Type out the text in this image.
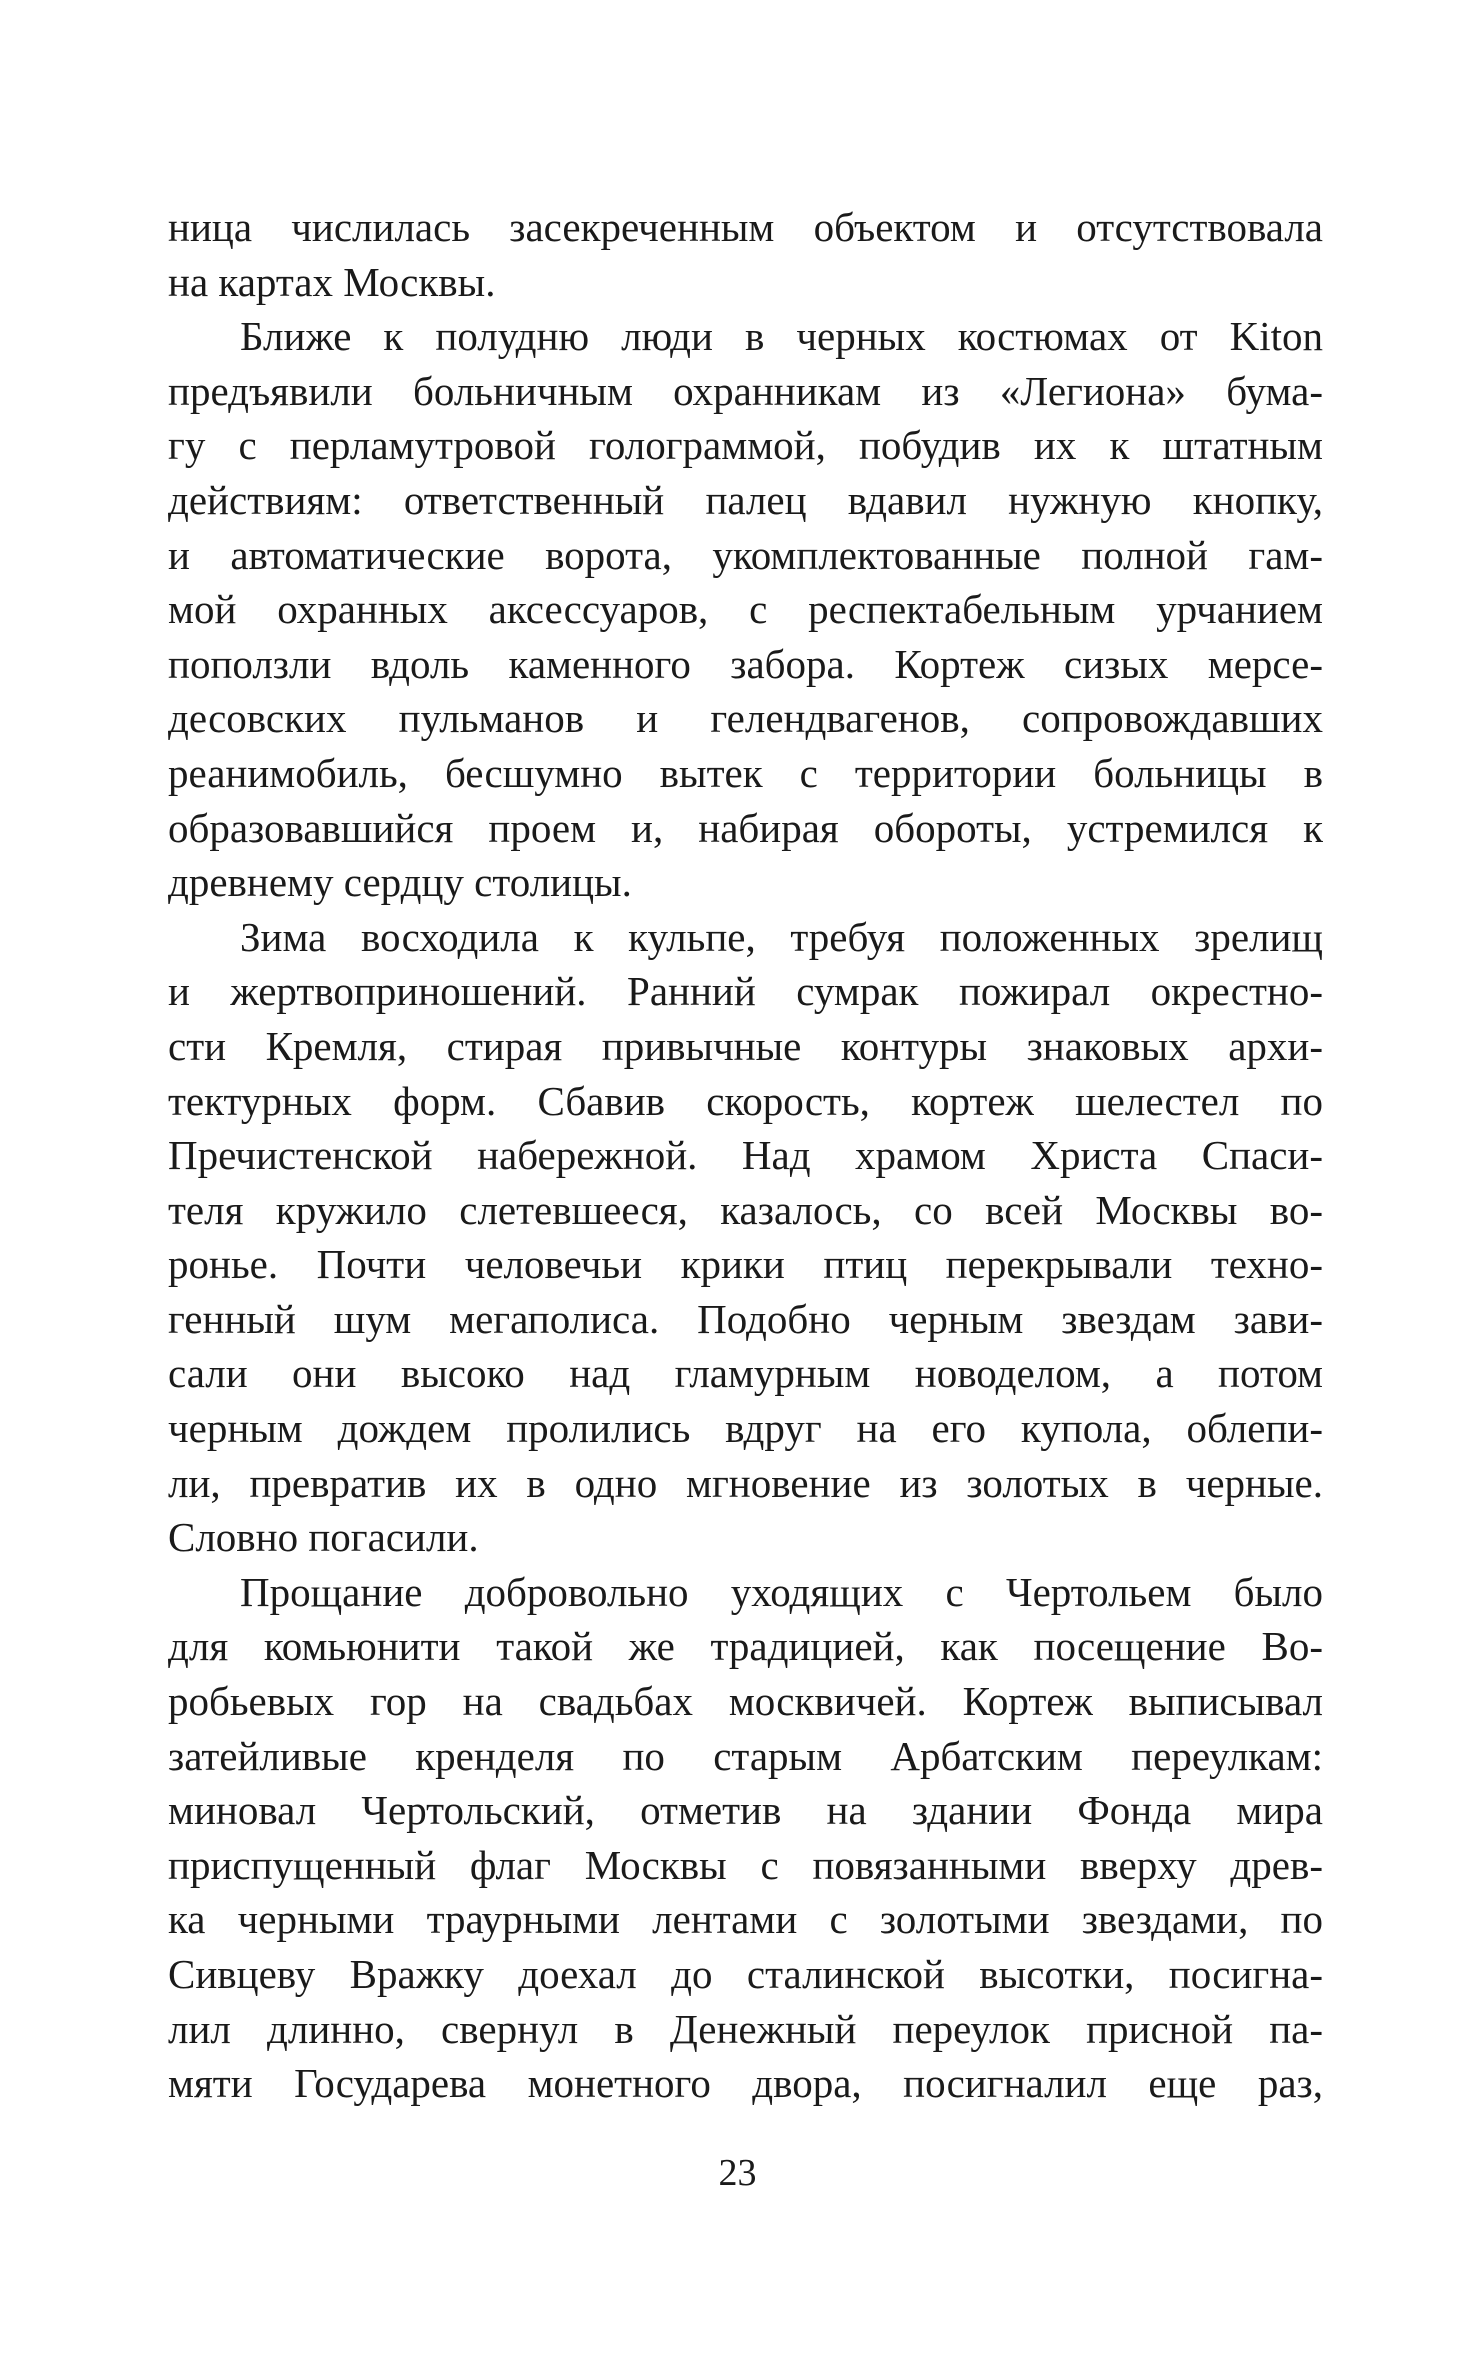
ница числилась засекреченным объектом и отсутствовала
на картах Москвы.
Ближе к полудню люди в черных костюмах от Kiton
предъявили больничным охранникам из «Легиона» бума-
гу с перламутровой голограммой, побудив их к штатным
действиям: ответственный палец вдавил нужную кнопку,
и автоматические ворота, укомплектованные полной гам-
мой охранных аксессуаров, с респектабельным урчанием
поползли вдоль каменного забора. Кортеж сизых мерсе-
десовских пульманов и гелендвагенов, сопровождавших
реанимобиль, бесшумно вытек с территории больницы в
образовавшийся проем и, набирая обороты, устремился к
древнему сердцу столицы.
Зима восходила к кульпе, требуя положенных зрелищ
и жертвоприношений. Ранний сумрак пожирал окрестно-
сти Кремля, стирая привычные контуры знаковых архи-
тектурных форм. Сбавив скорость, кортеж шелестел по
Пречистенской набережной. Над храмом Христа Спаси-
теля кружило слетевшееся, казалось, со всей Москвы во-
ронье. Почти человечьи крики птиц перекрывали техно-
генный шум мегаполиса. Подобно черным звездам зави-
сали они высоко над гламурным новоделом, а потом
черным дождем пролились вдруг на его купола, облепи-
ли, превратив их в одно мгновение из золотых в черные.
Словно погасили.
Прощание добровольно уходящих с Чертольем было
для комьюнити такой же традицией, как посещение Во-
робьевых гор на свадьбах москвичей. Кортеж выписывал
затейливые кренделя по старым Арбатским переулкам:
миновал Чертольский, отметив на здании Фонда мира
приспущенный флаг Москвы с повязанными вверху древ-
ка черными траурными лентами с золотыми звездами, по
Сивцеву Вражку доехал до сталинской высотки, посигна-
лил длинно, свернул в Денежный переулок присной па-
мяти Государева монетного двора, посигналил еще раз,
23
